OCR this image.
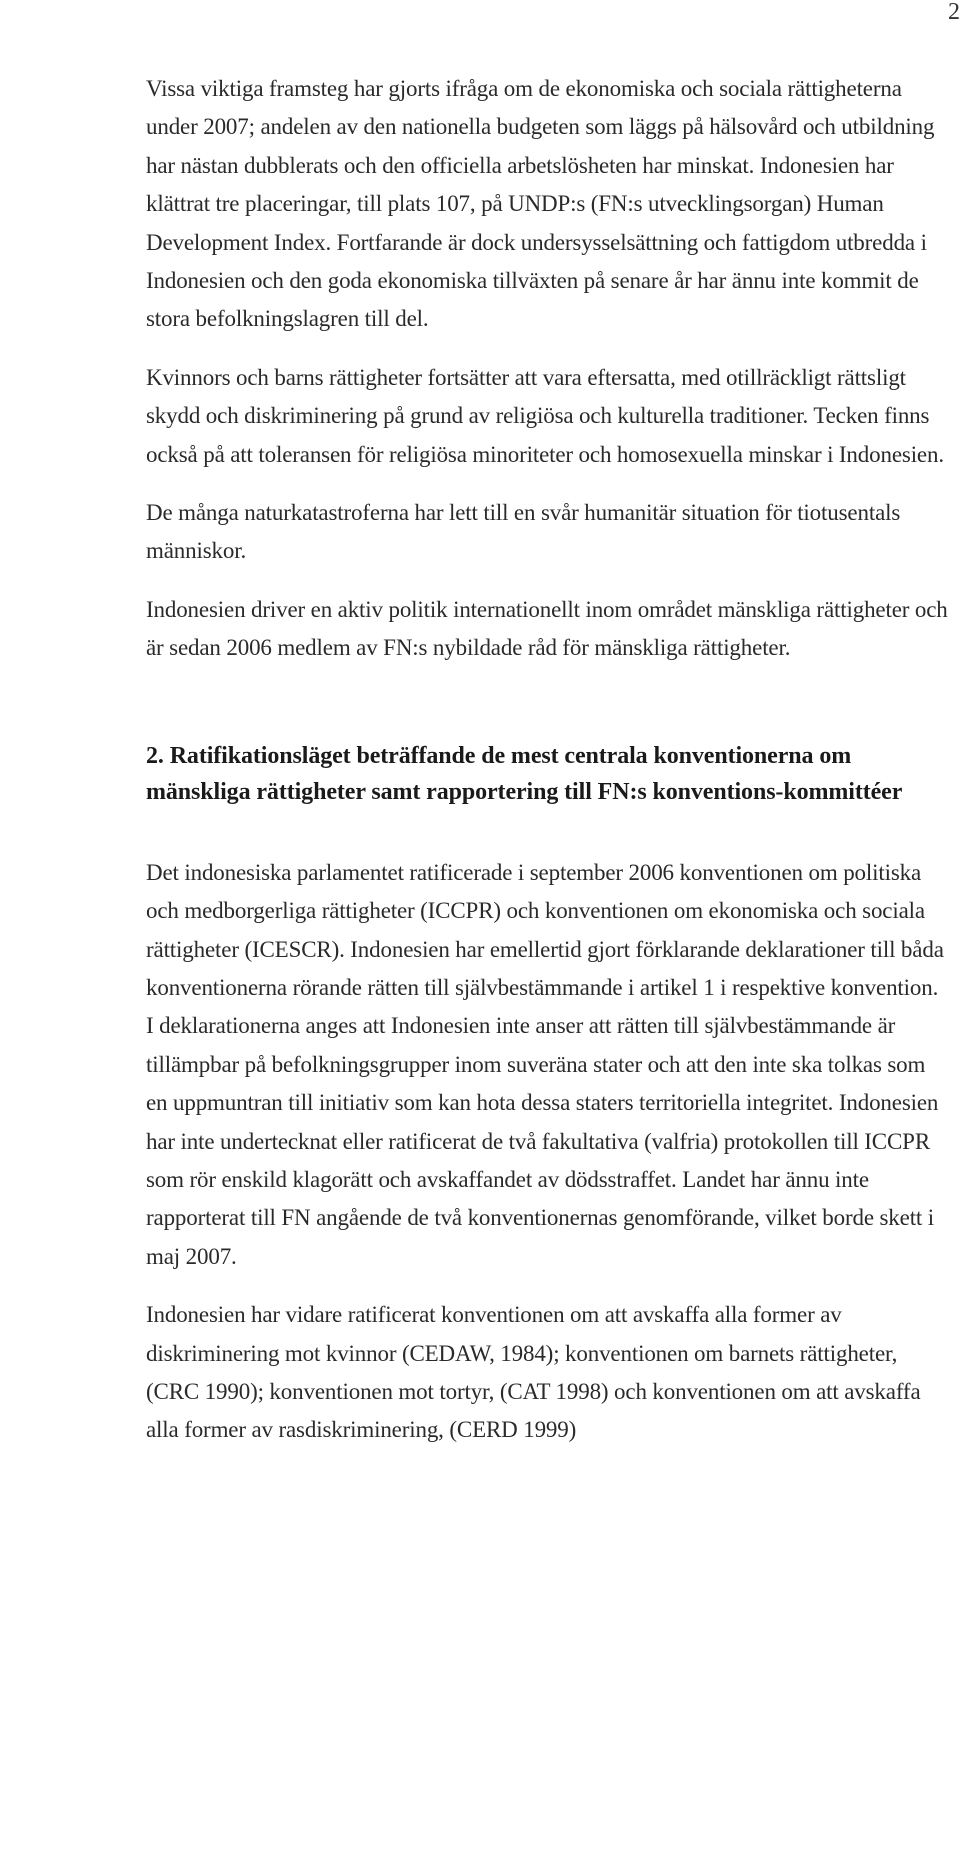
2

Vissa viktiga framsteg har gjorts ifråga om de ekonomiska och sociala rättigheterna under 2007; andelen av den nationella budgeten som läggs på hälsovård och utbildning har nästan dubblerats och den officiella arbetslösheten har minskat. Indonesien har klättrat tre placeringar, till plats 107, på UNDP:s (FN:s utvecklingsorgan) Human Development Index. Fortfarande är dock undersysselsättning och fattigdom utbredda i Indonesien och den goda ekonomiska tillväxten på senare år har ännu inte kommit de stora befolkningslagren till del.

Kvinnors och barns rättigheter fortsätter att vara eftersatta, med otillräckligt rättsligt skydd och diskriminering på grund av religiösa och kulturella traditioner. Tecken finns också på att toleransen för religiösa minoriteter och homosexuella minskar i Indonesien.

De många naturkatastroferna har lett till en svår humanitär situation för tiotusentals människor.

Indonesien driver en aktiv politik internationellt inom området mänskliga rättigheter och är sedan 2006 medlem av FN:s nybildade råd för mänskliga rättigheter.

2. Ratifikationsläget beträffande de mest centrala konventionerna om mänskliga rättigheter samt rapportering till FN:s konventions-kommittéer

Det indonesiska parlamentet ratificerade i september 2006 konventionen om politiska och medborgerliga rättigheter (ICCPR) och konventionen om ekonomiska och sociala rättigheter (ICESCR). Indonesien har emellertid gjort förklarande deklarationer till båda konventionerna rörande rätten till självbestämmande i artikel 1 i respektive konvention. I deklarationerna anges att Indonesien inte anser att rätten till självbestämmande är tillämpbar på befolkningsgrupper inom suveräna stater och att den inte ska tolkas som en uppmuntran till initiativ som kan hota dessa staters territoriella integritet. Indonesien har inte undertecknat eller ratificerat de två fakultativa (valfria) protokollen till ICCPR som rör enskild klagorätt och avskaffandet av dödsstraffet. Landet har ännu inte rapporterat till FN angående de två konventionernas genomförande, vilket borde skett i maj 2007.

Indonesien har vidare ratificerat konventionen om att avskaffa alla former av diskriminering mot kvinnor (CEDAW, 1984); konventionen om barnets rättigheter, (CRC 1990); konventionen mot tortyr, (CAT 1998) och konventionen om att avskaffa alla former av rasdiskriminering, (CERD 1999)
